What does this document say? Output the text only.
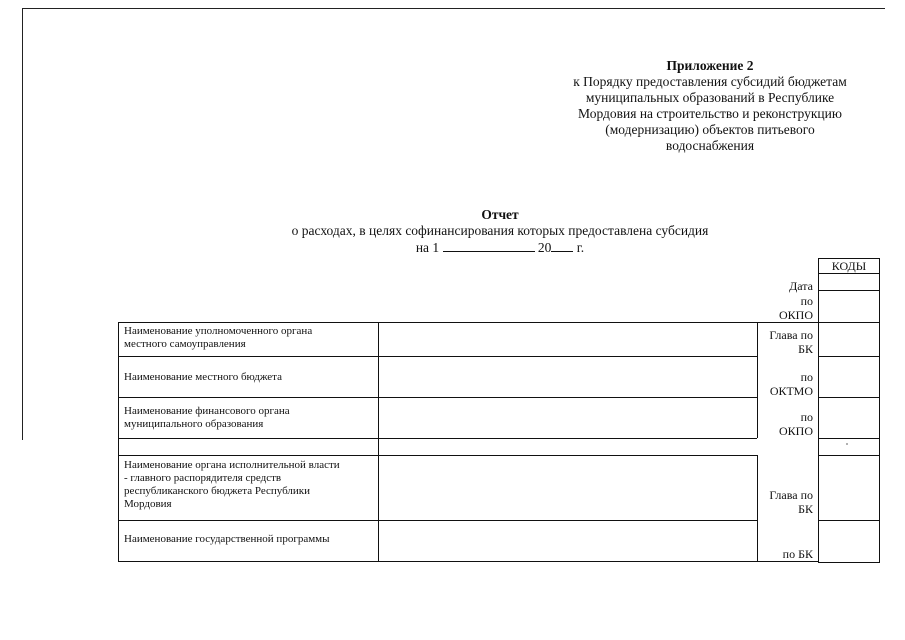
Приложение 2

к Порядку предоставления субсидий бюджетам

муниципальных образований в Республике

Мордовия на строительство и реконструкцию

(модернизацию) объектов питьевого

водоснабжения

Отчет

о расходах, в целях софинансирования которых предоставлена субсидия

на 1	20 г.

КОДЫ
Дата
по
ОКПО
Глава по
БК
по
ОКТМО
по
ОКПО
Глава по
БК
по БК
Наименование уполномоченного органа
местного самоуправления
Наименование местного бюджета
Наименование финансового органа
муниципального образования
Наименование органа исполнительной власти
- главного распорядителя средств
республиканского бюджета Республики
Мордовия
Наименование государственной программы
